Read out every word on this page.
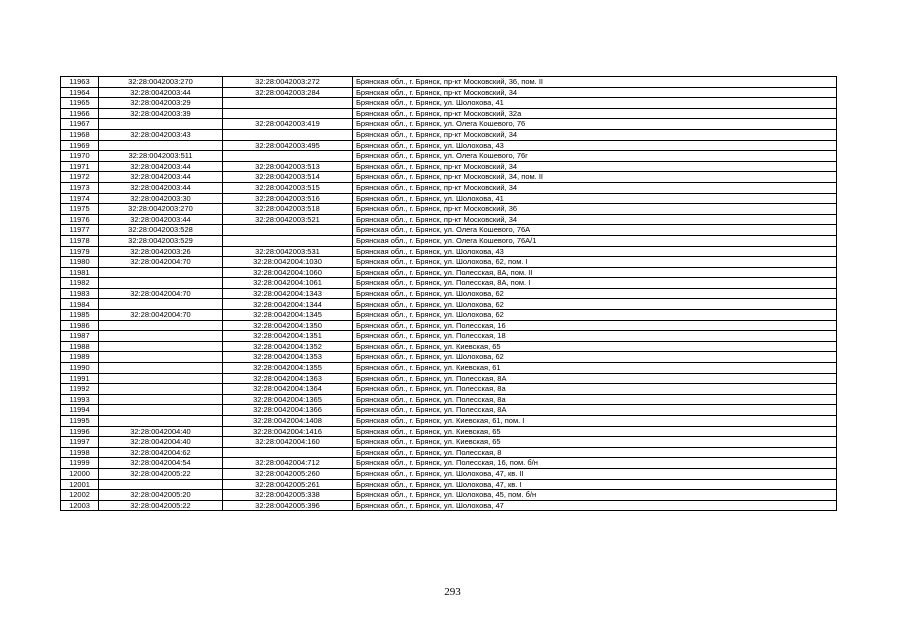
11963	32:28:0042003:270	32:28:0042003:272	Брянская обл., г. Брянск, пр-кт Московский, 36, пом. II
11964	32:28:0042003:44	32:28:0042003:284	Брянская обл., г. Брянск, пр-кт Московский, 34
11965	32:28:0042003:29		Брянская обл., г. Брянск, ул. Шолохова, 41
11966	32:28:0042003:39		Брянская обл., г. Брянск, пр-кт Московский, 32а
11967		32:28:0042003:419	Брянская обл., г. Брянск, ул. Олега Кошевого, 76
11968	32:28:0042003:43		Брянская обл., г. Брянск, пр-кт Московский, 34
11969		32:28:0042003:495	Брянская обл., г. Брянск, ул. Шолохова, 43
11970	32:28:0042003:511		Брянская обл., г. Брянск, ул. Олега Кошевого, 76г
11971	32:28:0042003:44	32:28:0042003:513	Брянская обл., г. Брянск, пр-кт Московский, 34
11972	32:28:0042003:44	32:28:0042003:514	Брянская обл., г. Брянск, пр-кт Московский, 34, пом. II
11973	32:28:0042003:44	32:28:0042003:515	Брянская обл., г. Брянск, пр-кт Московский, 34
11974	32:28:0042003:30	32:28:0042003:516	Брянская обл., г. Брянск, ул. Шолохова, 41
11975	32:28:0042003:270	32:28:0042003:518	Брянская обл., г. Брянск, пр-кт Московский, 36
11976	32:28:0042003:44	32:28:0042003:521	Брянская обл., г. Брянск, пр-кт Московский, 34
11977	32:28:0042003:528		Брянская обл., г. Брянск, ул. Олега Кошевого, 76А
11978	32:28:0042003:529		Брянская обл., г. Брянск, ул. Олега Кошевого, 76А/1
11979	32:28:0042003:26	32:28:0042003:531	Брянская обл., г. Брянск, ул. Шолохова, 43
11980	32:28:0042004:70	32:28:0042004:1030	Брянская обл., г. Брянск, ул. Шолохова, 62, пом. I
11981		32:28:0042004:1060	Брянская обл., г. Брянск, ул. Полесская, 8А, пом. II
11982		32:28:0042004:1061	Брянская обл., г. Брянск, ул. Полесская, 8А, пом. I
11983	32:28:0042004:70	32:28:0042004:1343	Брянская обл., г. Брянск, ул. Шолохова, 62
11984		32:28:0042004:1344	Брянская обл., г. Брянск, ул. Шолохова, 62
11985	32:28:0042004:70	32:28:0042004:1345	Брянская обл., г. Брянск, ул. Шолохова, 62
11986		32:28:0042004:1350	Брянская обл., г. Брянск, ул. Полесская, 16
11987		32:28:0042004:1351	Брянская обл., г. Брянск, ул. Полесская, 18
11988		32:28:0042004:1352	Брянская обл., г. Брянск, ул. Киевская, 65
11989		32:28:0042004:1353	Брянская обл., г. Брянск, ул. Шолохова, 62
11990		32:28:0042004:1355	Брянская обл., г. Брянск, ул. Киевская, 61
11991		32:28:0042004:1363	Брянская обл., г. Брянск, ул. Полесская, 8А
11992		32:28:0042004:1364	Брянская обл., г. Брянск, ул. Полесская, 8а
11993		32:28:0042004:1365	Брянская обл., г. Брянск, ул. Полесская, 8а
11994		32:28:0042004:1366	Брянская обл., г. Брянск, ул. Полесская, 8А
11995		32:28:0042004:1408	Брянская обл., г. Брянск, ул. Киевская, 61, пом. I
11996	32:28:0042004:40	32:28:0042004:1416	Брянская обл., г. Брянск, ул. Киевская, 65
11997	32:28:0042004:40	32:28:0042004:160	Брянская обл., г. Брянск, ул. Киевская, 65
11998	32:28:0042004:62		Брянская обл., г. Брянск, ул. Полесская, 8
11999	32:28:0042004:54	32:28:0042004:712	Брянская обл., г. Брянск, ул. Полесская, 16, пом. б/н
12000	32:28:0042005:22	32:28:0042005:260	Брянская обл., г. Брянск, ул. Шолохова, 47, кв. II
12001		32:28:0042005:261	Брянская обл., г. Брянск, ул. Шолохова, 47, кв. I
12002	32:28:0042005:20	32:28:0042005:338	Брянская обл., г. Брянск, ул. Шолохова, 45, пом. б/н
12003	32:28:0042005:22	32:28:0042005:396	Брянская обл., г. Брянск, ул. Шолохова, 47
293
